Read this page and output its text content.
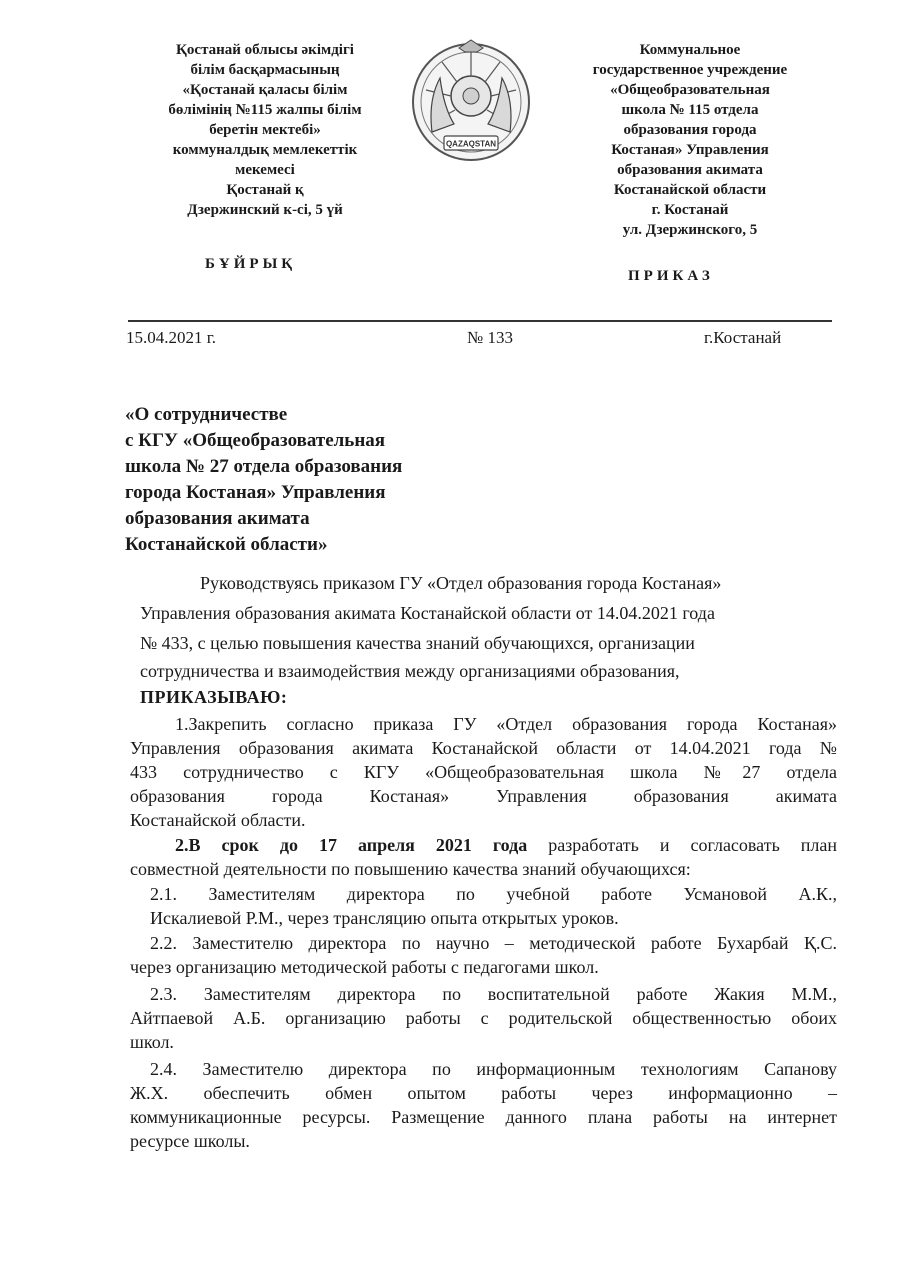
Қостанай облысы әкімдігі
білім басқармасының
«Қостанай қаласы білім
бөлімінің №115 жалпы білім
беретін мектебі»
коммуналдық мемлекеттік
мекемесі
Қостанай қ
Дзержинский к-сі, 5 үй
БҰЙРЫҚ
QAZAQSTAN
Коммунальное
государственное учреждение
«Общеобразовательная
школа № 115 отдела
образования города
Костаная» Управления
образования акимата
Костанайской области
г. Костанай
ул. Дзержинского, 5
ПРИКАЗ
15.04.2021 г.	№ 133	г.Костанай
«О сотрудничестве
с КГУ «Общеобразовательная
школа № 27 отдела образования
города Костаная» Управления
образования акимата
Костанайской области»
Руководствуясь приказом ГУ «Отдел образования города Костаная»
Управления образования акимата Костанайской области от 14.04.2021 года
№ 433, с целью повышения качества знаний обучающихся, организации
сотрудничества и взаимодействия между организациями образования,
ПРИКАЗЫВАЮ:
1.Закрепить согласно приказа ГУ «Отдел образования города Костаная»
Управления образования акимата Костанайской области от 14.04.2021 года №
433 сотрудничество с КГУ «Общеобразовательная школа №27 отдела
образования города Костаная» Управления образования акимата
Костанайской области.
2.В срок до 17 апреля 2021 года разработать и согласовать план
совместной деятельности по повышению качества знаний обучающихся:
2.1. Заместителям директора по учебной работе Усмановой А.К.,
Искалиевой Р.М., через трансляцию опыта открытых уроков.
2.2. Заместителю директора по научно – методической работе Бухарбай Қ.С.
через организацию методической работы с педагогами школ.
2.3. Заместителям директора по воспитательной работе Жакия М.М.,
Айтпаевой А.Б. организацию работы с родительской общественностью обоих
школ.
2.4. Заместителю директора по информационным технологиям Сапанову
Ж.Х. обеспечить обмен опытом работы через информационно –
коммуникационные ресурсы. Размещение данного плана работы на интернет
ресурсе школы.
